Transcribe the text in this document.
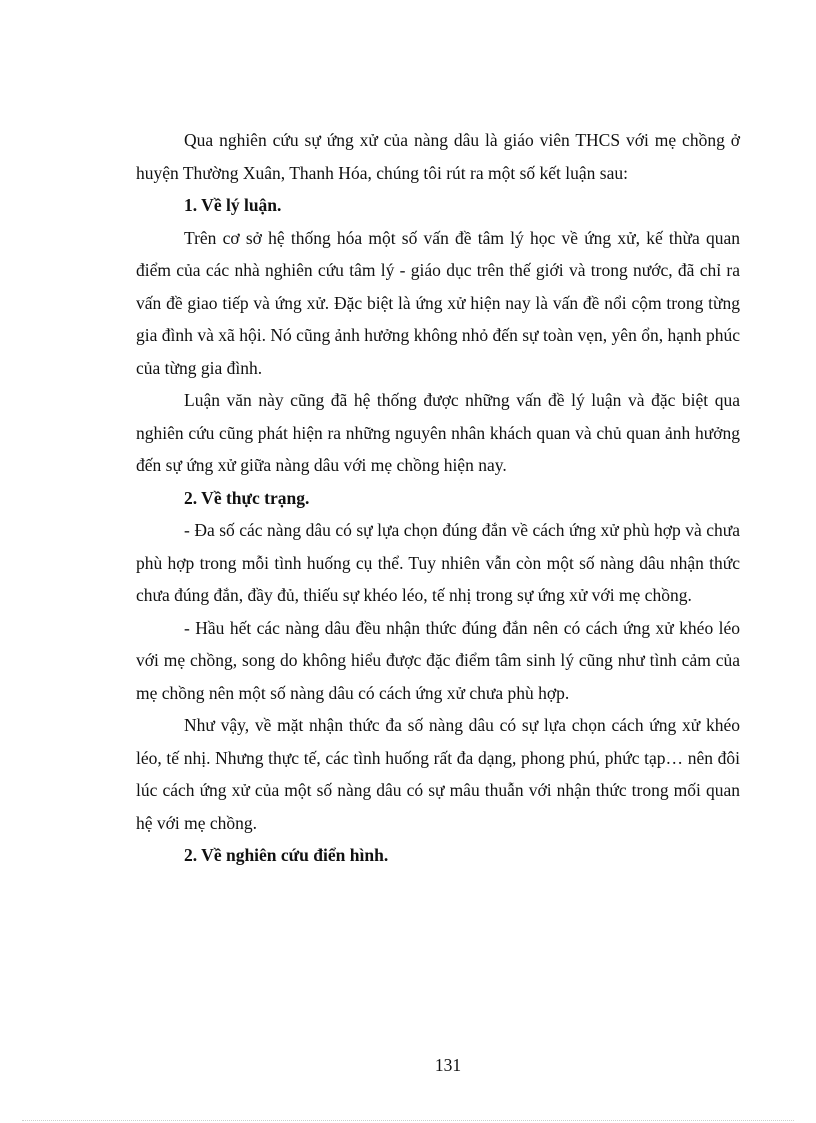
Qua nghiên cứu sự ứng xử của nàng dâu là giáo viên THCS với mẹ chồng ở huyện Thường Xuân, Thanh Hóa, chúng tôi rút ra một số kết luận sau:

1. Về lý luận.

Trên cơ sở hệ thống hóa một số vấn đề tâm lý học về ứng xử, kế thừa quan điểm của các nhà nghiên cứu tâm lý - giáo dục trên thế giới và trong nước, đã chỉ ra vấn đề giao tiếp và ứng xử. Đặc biệt là ứng xử hiện nay là vấn đề nổi cộm trong từng gia đình và xã hội. Nó cũng ảnh hưởng không nhỏ đến sự toàn vẹn, yên ổn, hạnh phúc của từng gia đình.

Luận văn này cũng đã hệ thống được những vấn đề lý luận và đặc biệt qua nghiên cứu cũng phát hiện ra những nguyên nhân khách quan và chủ quan ảnh hưởng đến sự ứng xử giữa nàng dâu với mẹ chồng hiện nay.

2. Về thực trạng.

- Đa số các nàng dâu có sự lựa chọn đúng đắn về cách ứng xử phù hợp và chưa phù hợp trong mỗi tình huống cụ thể. Tuy nhiên vẫn còn một số nàng dâu nhận thức chưa đúng đắn, đầy đủ, thiếu sự khéo léo, tế nhị trong sự ứng xử với mẹ chồng.

- Hầu hết các nàng dâu đều nhận thức đúng đắn nên có cách ứng xử khéo léo với mẹ chồng, song do không hiểu được đặc điểm tâm sinh lý cũng như tình cảm của mẹ chồng nên một số nàng dâu có cách ứng xử chưa phù hợp.

Như vậy, về mặt nhận thức đa số nàng dâu có sự lựa chọn cách ứng xử khéo léo, tế nhị. Nhưng thực tế, các tình huống rất đa dạng, phong phú, phức tạp… nên đôi lúc cách ứng xử của một số nàng dâu có sự mâu thuẫn với nhận thức trong mối quan hệ với mẹ chồng.

2. Về nghiên cứu điển hình.
131
